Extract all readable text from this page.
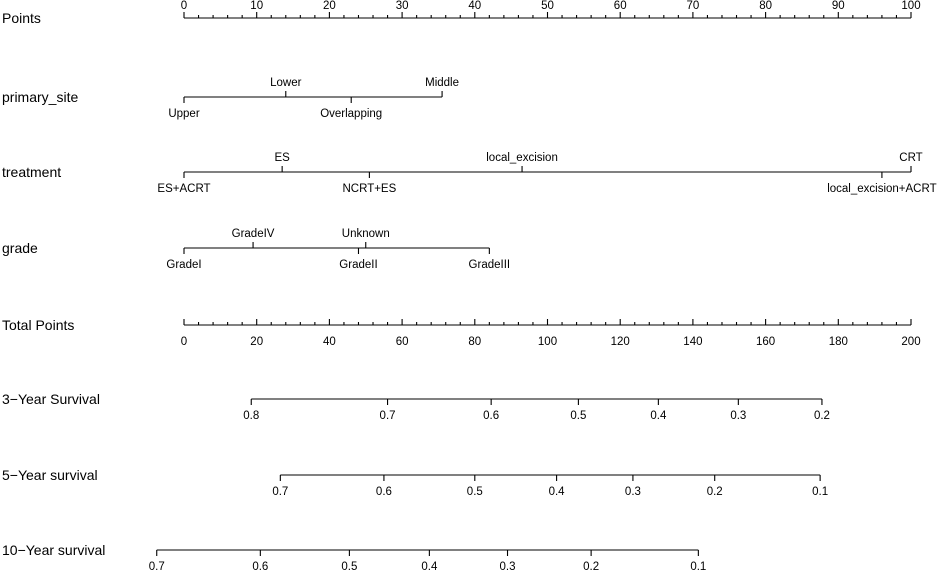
Points
0	10	20	30	40	50	60	70	80	90	100
primary_site
Upper
Lower
Overlapping
Middle
treatment
ES+ACRT
ES
NCRT+ES
local_excision
local_excision+ACRT
CRT
grade
GradeI
GradeIV
GradeII
Unknown
GradeIII
Total Points
0	20	40	60	80	100	120	140	160	180	200
3−Year Survival
0.8	0.7	0.6	0.5	0.4	0.3	0.2
5−Year survival
0.7	0.6	0.5	0.4	0.3	0.2	0.1
10−Year survival
0.7	0.6	0.5	0.4	0.3	0.2	0.1
